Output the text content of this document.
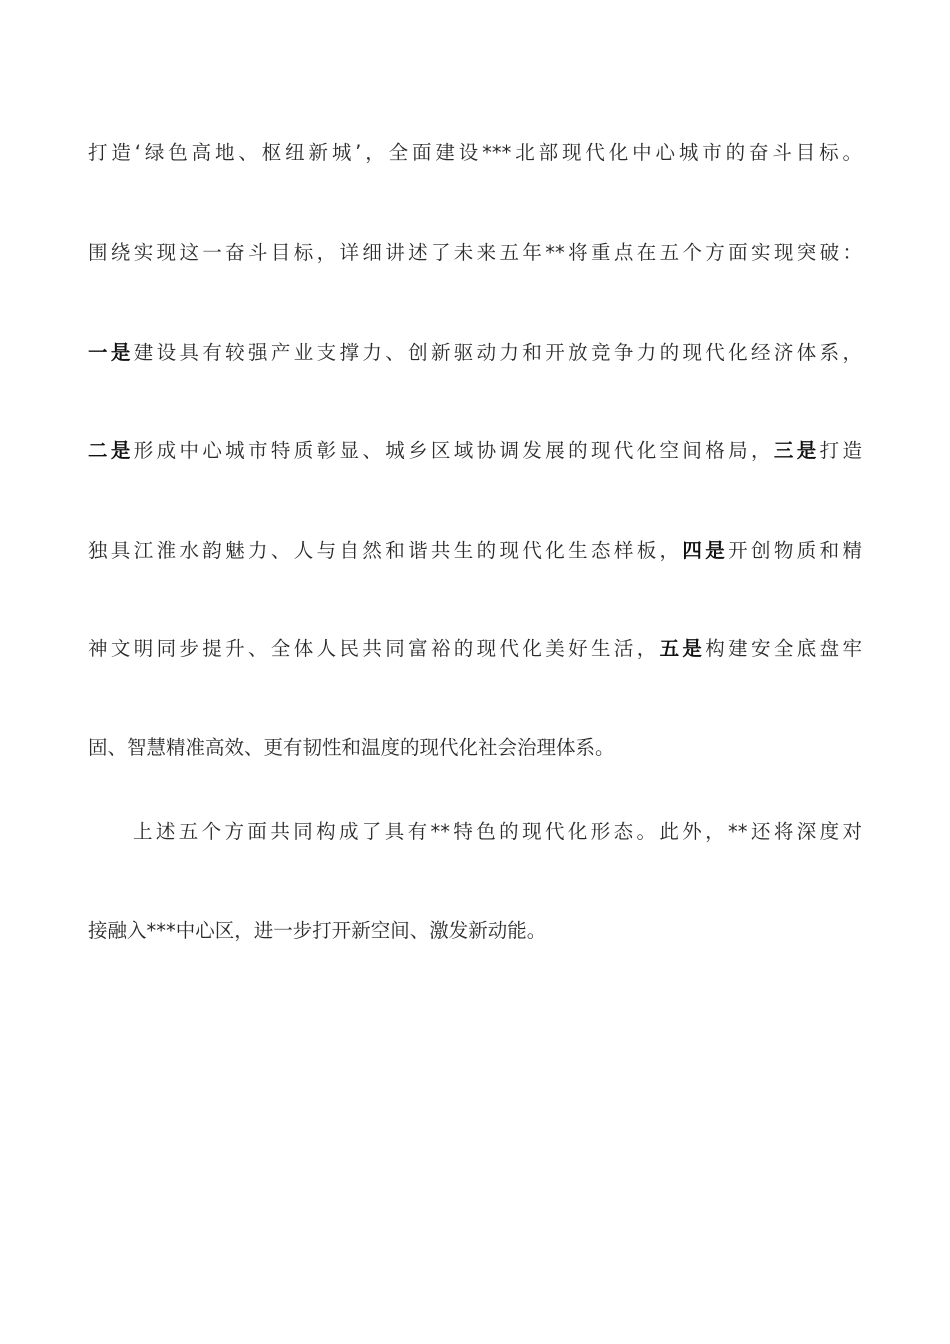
打造‘绿色高地、枢纽新城’，全面建设***北部现代化中心城市的奋斗目标。
围绕实现这一奋斗目标，详细讲述了未来五年**将重点在五个方面实现突破：
一是建设具有较强产业支撑力、创新驱动力和开放竞争力的现代化经济体系，
二是形成中心城市特质彰显、城乡区域协调发展的现代化空间格局，三是打造
独具江淮水韵魅力、人与自然和谐共生的现代化生态样板，四是开创物质和精
神文明同步提升、全体人民共同富裕的现代化美好生活，五是构建安全底盘牢
固、智慧精准高效、更有韧性和温度的现代化社会治理体系。
上述五个方面共同构成了具有**特色的现代化形态。此外，**还将深度对
接融入***中心区，进一步打开新空间、激发新动能。
